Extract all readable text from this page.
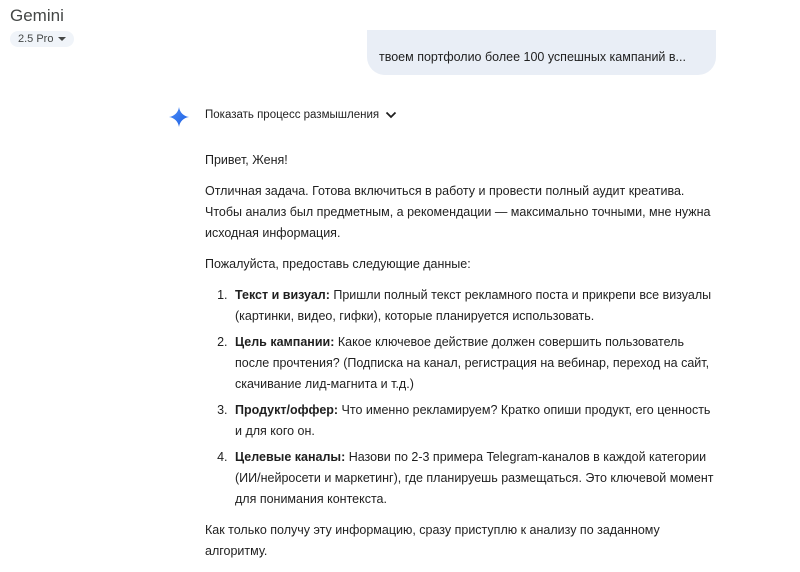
Gemini
2.5 Pro
твоем портфолио более 100 успешных кампаний в...
Показать процесс размышления

Привет, Женя!

Отличная задача. Готова включиться в работу и провести полный аудит креатива. Чтобы анализ был предметным, а рекомендации — максимально точными, мне нужна исходная информация.

Пожалуйста, предоставь следующие данные:

1. Текст и визуал: Пришли полный текст рекламного поста и прикрепи все визуалы (картинки, видео, гифки), которые планируется использовать.
2. Цель кампании: Какое ключевое действие должен совершить пользователь после прочтения? (Подписка на канал, регистрация на вебинар, переход на сайт, скачивание лид-магнита и т.д.)
3. Продукт/оффер: Что именно рекламируем? Кратко опиши продукт, его ценность и для кого он.
4. Целевые каналы: Назови по 2-3 примера Telegram-каналов в каждой категории (ИИ/нейросети и маркетинг), где планируешь размещаться. Это ключевой момент для понимания контекста.

Как только получу эту информацию, сразу приступлю к анализу по заданному алгоритму.
